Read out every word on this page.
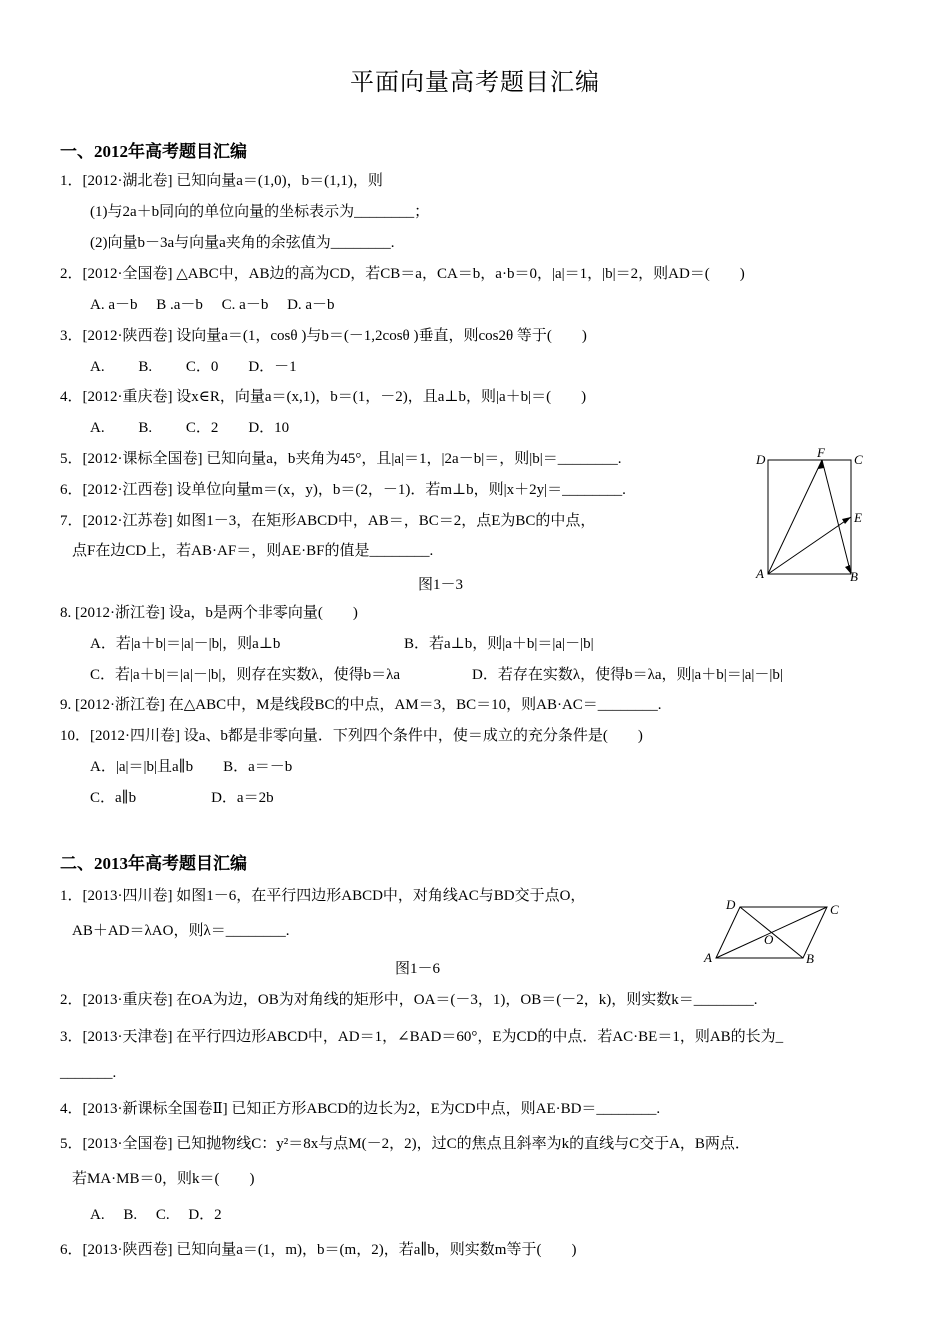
平面向量高考题目汇编
一、2012年高考题目汇编
1．[2012·湖北卷] 已知向量a＝(1,0)，b＝(1,1)，则
(1)与2a＋b同向的单位向量的坐标表示为________；
(2)向量b－3a与向量a夹角的余弦值为________.
2．[2012·全国卷] △ABC中，AB边的高为CD，若CB＝a，CA＝b，a·b＝0，|a|＝1，|b|＝2，则AD＝(　　)
A. a－b　 B .a－b　 C. a－b　 D. a－b
3．[2012·陕西卷] 设向量a＝(1，cosθ )与b＝(－1,2cosθ )垂直，则cos2θ 等于(　　)
A. 　　B. 　　C．0　　D．－1
4．[2012·重庆卷] 设x∈R，向量a＝(x,1)，b＝(1，－2)，且a⊥b，则|a＋b|＝(　　)
A. 　　B. 　　C．2　　D．10
5．[2012·课标全国卷] 已知向量a，b夹角为45°，且|a|＝1，|2a－b|＝，则|b|＝________.
6．[2012·江西卷] 设单位向量m＝(x，y)，b＝(2，－1)．若m⊥b，则|x＋2y|＝________.
7．[2012·江苏卷] 如图1－3，在矩形ABCD中，AB＝，BC＝2，点E为BC的中点，
点F在边CD上，若AB·AF＝，则AE·BF的值是________.
图1－3
D	F C
E
A	B
8. [2012·浙江卷] 设a，b是两个非零向量(　　)
A．若|a＋b|＝|a|－|b|，则a⊥b	B．若a⊥b，则|a＋b|＝|a|－|b|
C．若|a＋b|＝|a|－|b|，则存在实数λ，使得b＝λa	D．若存在实数λ，使得b＝λa，则|a＋b|＝|a|－|b|
9. [2012·浙江卷] 在△ABC中，M是线段BC的中点，AM＝3，BC＝10，则AB·AC＝________.
10．[2012·四川卷] 设a、b都是非零向量．下列四个条件中，使＝成立的充分条件是(　　)
A．|a|＝|b|且a∥b　　B．a＝－b
C．a∥b　　　　　D．a＝2b
二、2013年高考题目汇编
1．[2013·四川卷] 如图1－6，在平行四边形ABCD中，对角线AC与BD交于点O，
AB＋AD＝λAO，则λ＝________.
图1－6
D	C
O
A	B
2．[2013·重庆卷] 在OA为边，OB为对角线的矩形中，OA＝(－3，1)，OB＝(－2，k)，则实数k＝________.
3．[2013·天津卷] 在平行四边形ABCD中，AD＝1，∠BAD＝60°，E为CD的中点．若AC·BE＝1，则AB的长为_
_______.
4．[2013·新课标全国卷Ⅱ] 已知正方形ABCD的边长为2，E为CD中点，则AE·BD＝________.
5．[2013·全国卷] 已知抛物线C：y²＝8x与点M(－2，2)，过C的焦点且斜率为k的直线与C交于A，B两点．
若MA·MB＝0，则k＝(　　)
A.　 B.　 C.　 D．2
6．[2013·陕西卷] 已知向量a＝(1，m)，b＝(m，2)，若a∥b，则实数m等于(　　)
